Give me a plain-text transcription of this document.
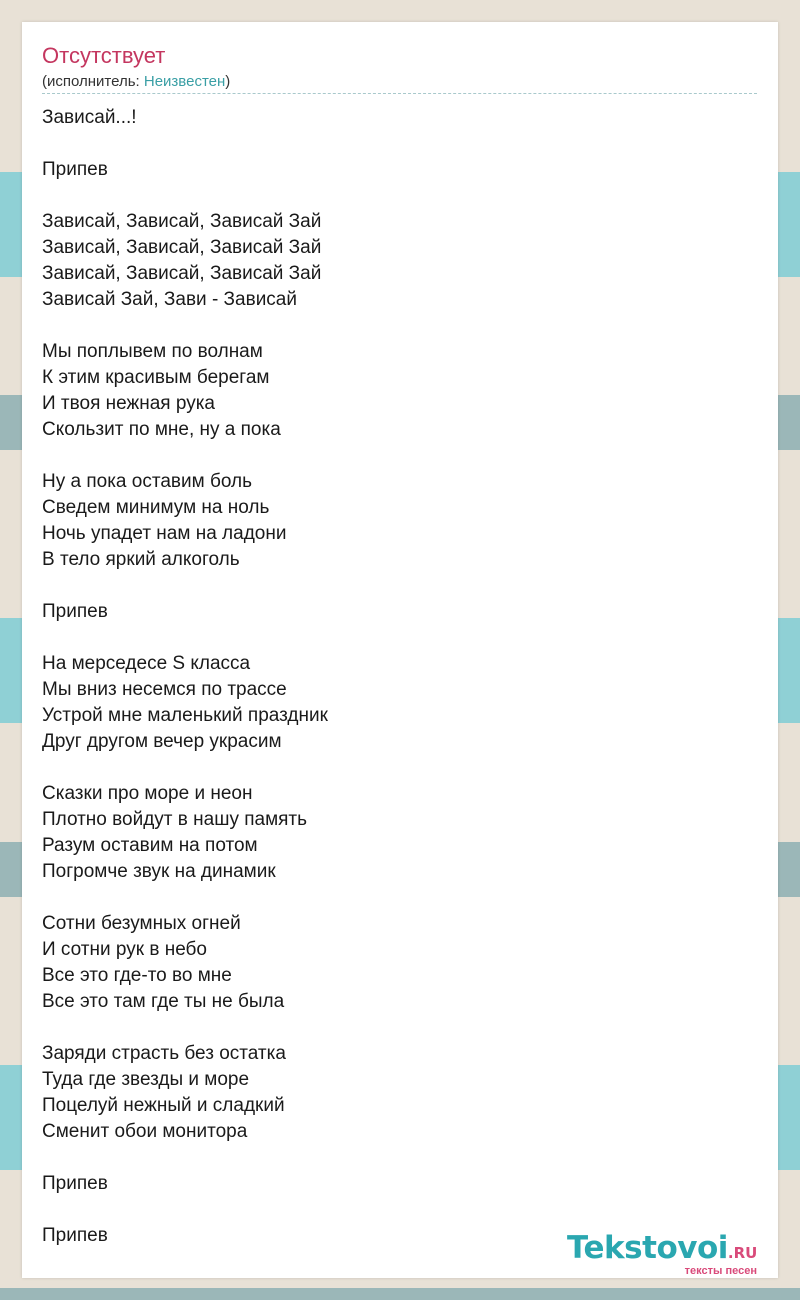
Отсутствует
(исполнитель: Неизвестен)
Зависай...!
Припев
Зависай, Зависай, Зависай Зай
Зависай, Зависай, Зависай Зай
Зависай, Зависай, Зависай Зай
Зависай Зай, Зави - Зависай
Мы поплывем по волнам
К этим красивым берегам
И твоя нежная рука
Скользит по мне, ну а пока
Ну а пока оставим боль
Сведем минимум на ноль
Ночь упадет нам на ладони
В тело яркий алкоголь
Припев
На мерседесе S класса
Мы вниз несемся по трассе
Устрой мне маленький праздник
Друг другом вечер украсим
Сказки про море и неон
Плотно войдут в нашу память
Разум оставим на потом
Погромче звук на динамик
Сотни безумных огней
И сотни рук в небо
Все это где-то во мне
Все это там где ты не была
Заряди страсть без остатка
Туда где звезды и море
Поцелуй нежный и сладкий
Сменит обои монитора
Припев
Припев	Tekstovoi.RU
тексты песен
